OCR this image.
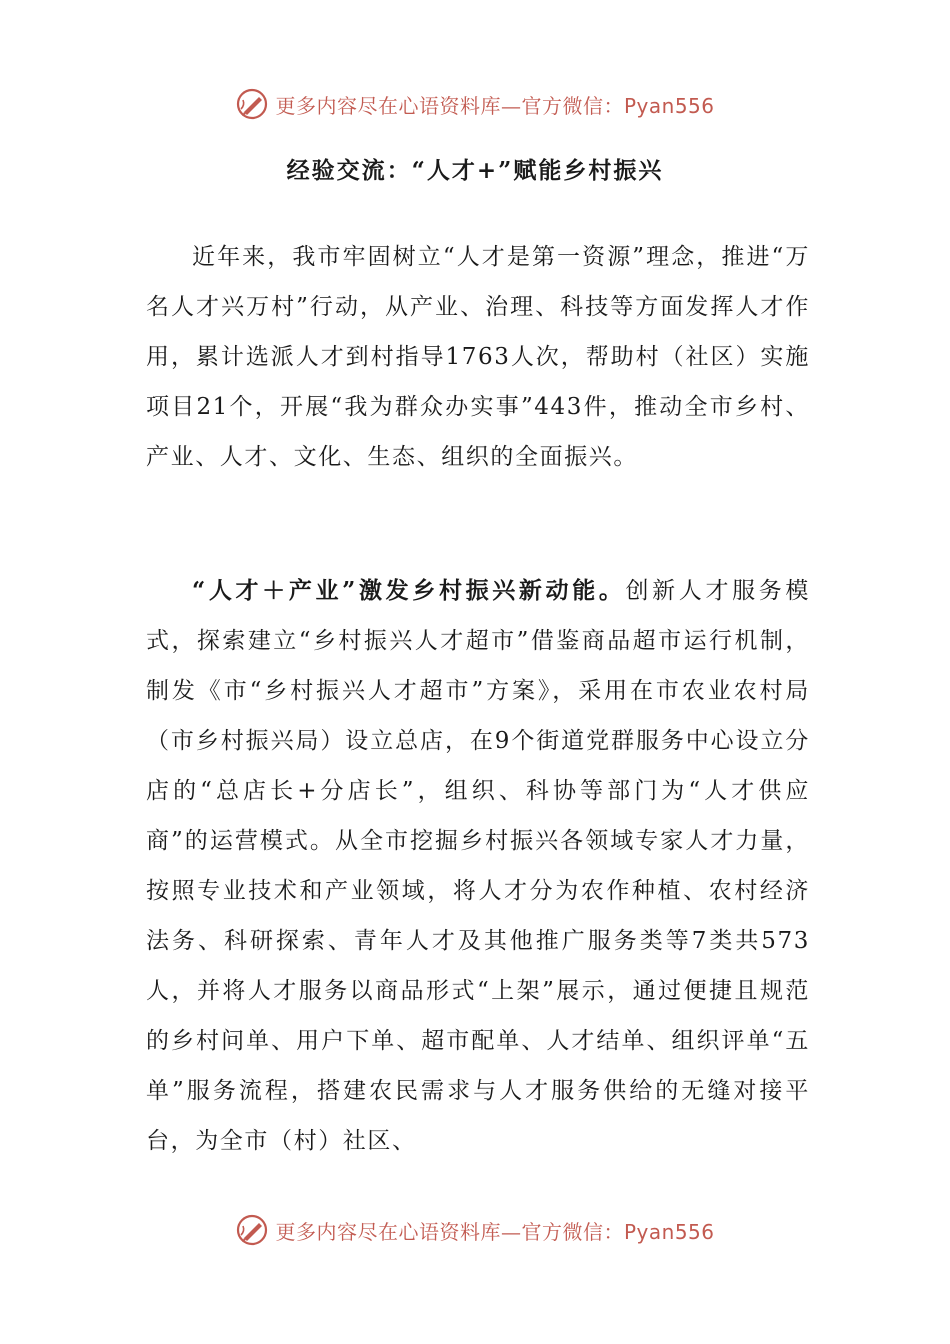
更多内容尽在心语资料库—官方微信：Pyan556
经验交流：“人才+”赋能乡村振兴

近年来，我市牢固树立“人才是第一资源”理念，推进“万名人才兴万村”行动，从产业、治理、科技等方面发挥人才作用，累计选派人才到村指导1763人次，帮助村（社区）实施项目21个，开展“我为群众办实事”443件，推动全市乡村、产业、人才、文化、生态、组织的全面振兴。

“人才＋产业”激发乡村振兴新动能。创新人才服务模式，探索建立“乡村振兴人才超市”借鉴商品超市运行机制，制发《市“乡村振兴人才超市”方案》，采用在市农业农村局（市乡村振兴局）设立总店，在9个街道党群服务中心设立分店的“总店长+分店长”，组织、科协等部门为“人才供应商”的运营模式。从全市挖掘乡村振兴各领域专家人才力量，按照专业技术和产业领域，将人才分为农作种植、农村经济法务、科研探索、青年人才及其他推广服务类等7类共573人，并将人才服务以商品形式“上架”展示，通过便捷且规范的乡村问单、用户下单、超市配单、人才结单、组织评单“五单”服务流程，搭建农民需求与人才服务供给的无缝对接平台，为全市（村）社区、

更多内容尽在心语资料库—官方微信：Pyan556
